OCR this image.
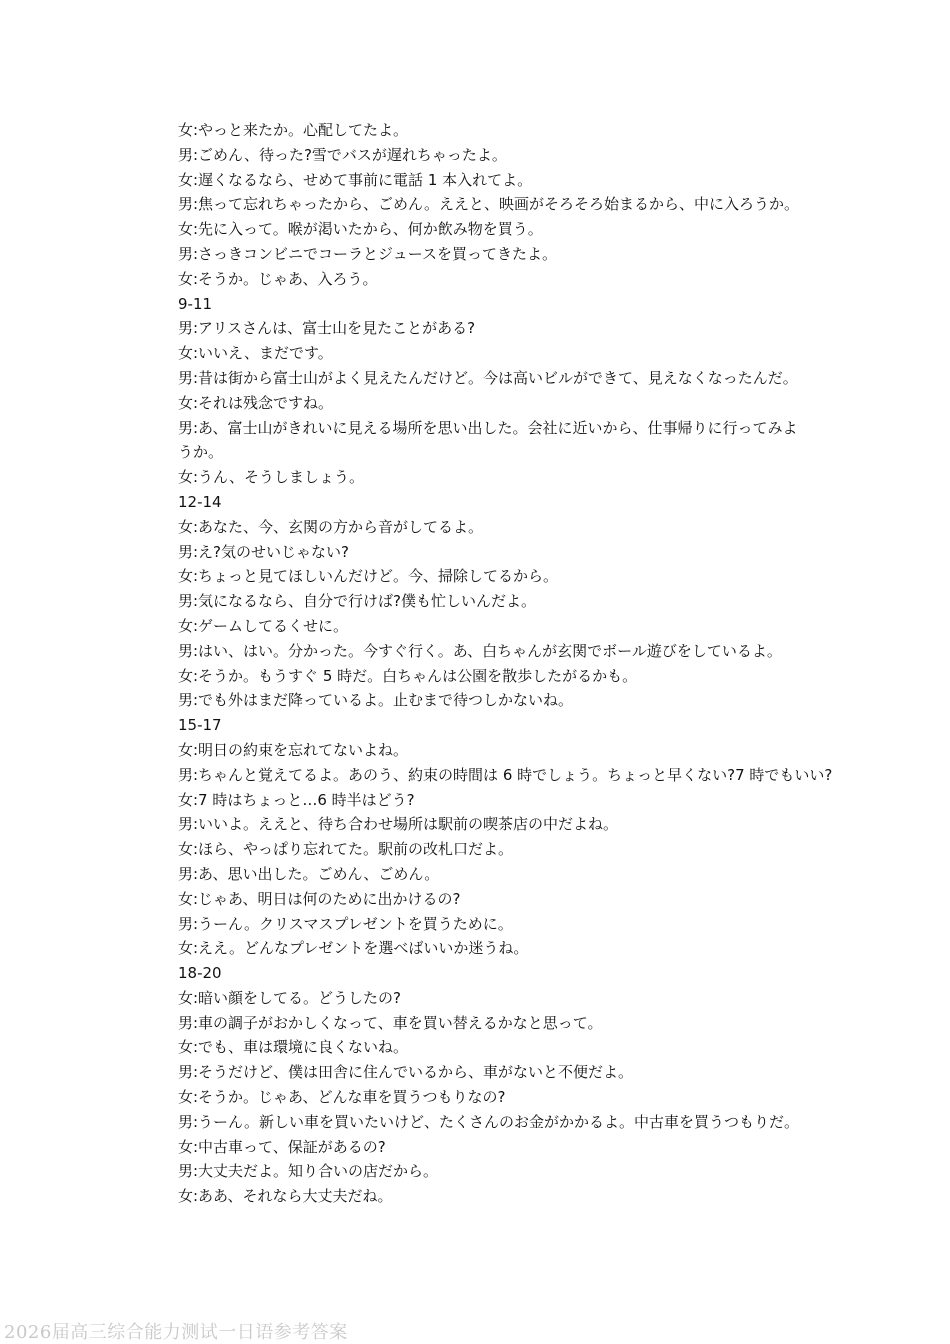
女:やっと来たか。心配してたよ。
男:ごめん、待った?雪でバスが遅れちゃったよ。
女:遅くなるなら、せめて事前に電話 1 本入れてよ。
男:焦って忘れちゃったから、ごめん。ええと、映画がそろそろ始まるから、中に入ろうか。
女:先に入って。喉が渇いたから、何か飲み物を買う。
男:さっきコンビニでコーラとジュースを買ってきたよ。
女:そうか。じゃあ、入ろう。
9-11
男:アリスさんは、富士山を見たことがある?
女:いいえ、まだです。
男:昔は街から富士山がよく見えたんだけど。今は高いビルができて、見えなくなったんだ。
女:それは残念ですね。
男:あ、富士山がきれいに見える場所を思い出した。会社に近いから、仕事帰りに行ってみよ
うか。
女:うん、そうしましょう。
12-14
女:あなた、今、玄関の方から音がしてるよ。
男:え?気のせいじゃない?
女:ちょっと見てほしいんだけど。今、掃除してるから。
男:気になるなら、自分で行けば?僕も忙しいんだよ。
女:ゲームしてるくせに。
男:はい、はい。分かった。今すぐ行く。あ、白ちゃんが玄関でボール遊びをしているよ。
女:そうか。もうすぐ 5 時だ。白ちゃんは公園を散歩したがるかも。
男:でも外はまだ降っているよ。止むまで待つしかないね。
15-17
女:明日の約束を忘れてないよね。
男:ちゃんと覚えてるよ。あのう、約束の時間は 6 時でしょう。ちょっと早くない?7 時でもいい?
女:7 時はちょっと…6 時半はどう?
男:いいよ。ええと、待ち合わせ場所は駅前の喫茶店の中だよね。
女:ほら、やっぱり忘れてた。駅前の改札口だよ。
男:あ、思い出した。ごめん、ごめん。
女:じゃあ、明日は何のために出かけるの?
男:うーん。クリスマスプレゼントを買うために。
女:ええ。どんなプレゼントを選べばいいか迷うね。
18-20
女:暗い顔をしてる。どうしたの?
男:車の調子がおかしくなって、車を買い替えるかなと思って。
女:でも、車は環境に良くないね。
男:そうだけど、僕は田舎に住んでいるから、車がないと不便だよ。
女:そうか。じゃあ、どんな車を買うつもりなの?
男:うーん。新しい車を買いたいけど、たくさんのお金がかかるよ。中古車を買うつもりだ。
女:中古車って、保証があるの?
男:大丈夫だよ。知り合いの店だから。
女:ああ、それなら大丈夫だね。
2026届高三综合能力测试一日语参考答案
